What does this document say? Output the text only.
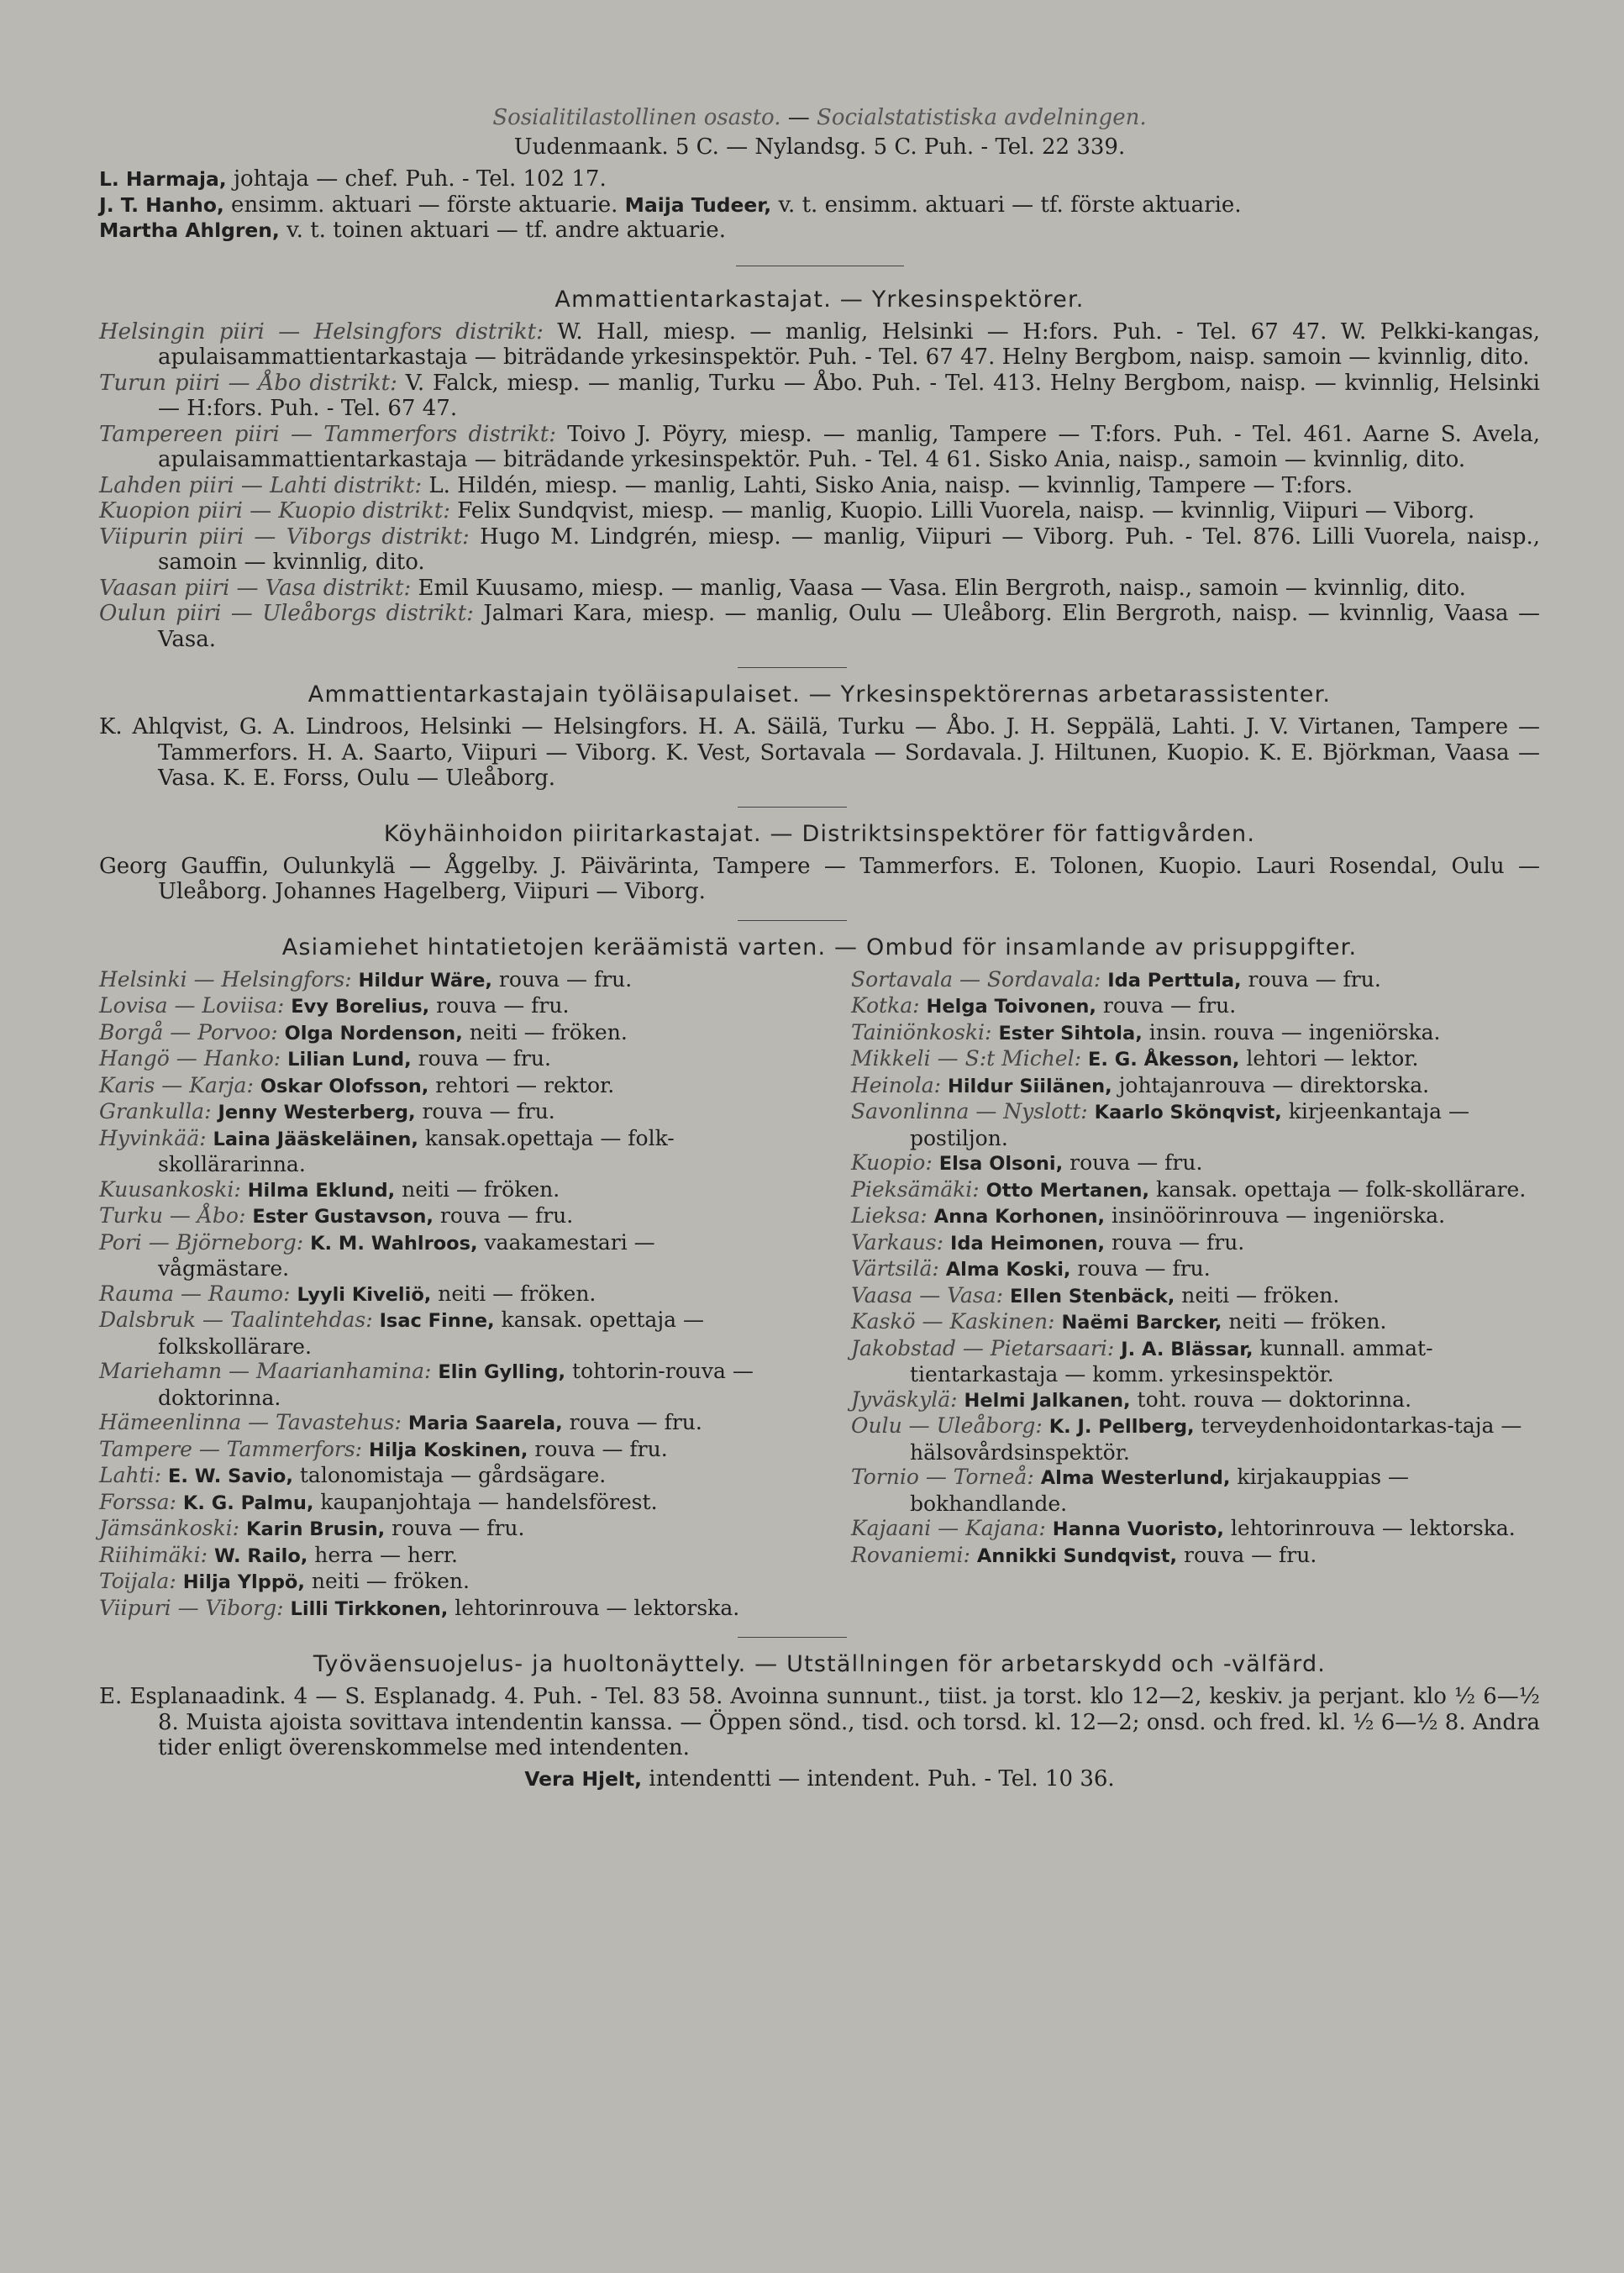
Sosialitilastollinen osasto. — Socialstatistiska avdelningen.
Uudenmaank. 5 C. — Nylandsg. 5 C. Puh. - Tel. 22 339.
L. Harmaja, johtaja — chef. Puh. - Tel. 102 17.
J. T. Hanho, ensimm. aktuari — förste aktuarie. Maija Tudeer, v. t. ensimm. aktuari — tf. förste aktuarie.
Martha Ahlgren, v. t. toinen aktuari — tf. andre aktuarie.
Ammattientarkastajat. — Yrkesinspektörer.
Helsingin piiri — Helsingfors distrikt: W. Hall, miesp. — manlig, Helsinki — H:fors. Puh. - Tel. 67 47. W. Pelkki-kangas, apulaisammattientarkastaja — biträdande yrkesinspektör. Puh. - Tel. 67 47. Helny Bergbom, naisp. samoin — kvinnlig, dito.
Turun piiri — Åbo distrikt: V. Falck, miesp. — manlig, Turku — Åbo. Puh. - Tel. 413. Helny Bergbom, naisp. — kvinnlig, Helsinki — H:fors. Puh. - Tel. 67 47.
Tampereen piiri — Tammerfors distrikt: Toivo J. Pöyry, miesp. — manlig, Tampere — T:fors. Puh. - Tel. 461. Aarne S. Avela, apulaisammattientarkastaja — biträdande yrkesinspektör. Puh. - Tel. 4 61. Sisko Ania, naisp., samoin — kvinnlig, dito.
Lahden piiri — Lahti distrikt: L. Hildén, miesp. — manlig, Lahti, Sisko Ania, naisp. — kvinnlig, Tampere — T:fors.
Kuopion piiri — Kuopio distrikt: Felix Sundqvist, miesp. — manlig, Kuopio. Lilli Vuorela, naisp. — kvinnlig, Viipuri — Viborg.
Viipurin piiri — Viborgs distrikt: Hugo M. Lindgrén, miesp. — manlig, Viipuri — Viborg. Puh. - Tel. 876. Lilli Vuorela, naisp., samoin — kvinnlig, dito.
Vaasan piiri — Vasa distrikt: Emil Kuusamo, miesp. — manlig, Vaasa — Vasa. Elin Bergroth, naisp., samoin — kvinnlig, dito.
Oulun piiri — Uleåborgs distrikt: Jalmari Kara, miesp. — manlig, Oulu — Uleåborg. Elin Bergroth, naisp. — kvinnlig, Vaasa — Vasa.
Ammattientarkastajain työläisapulaiset. — Yrkesinspektörernas arbetarassistenter.
K. Ahlqvist, G. A. Lindroos, Helsinki — Helsingfors. H. A. Säilä, Turku — Åbo. J. H. Seppälä, Lahti. J. V. Virtanen, Tampere — Tammerfors. H. A. Saarto, Viipuri — Viborg. K. Vest, Sortavala — Sordavala. J. Hiltunen, Kuopio. K. E. Björkman, Vaasa — Vasa. K. E. Forss, Oulu — Uleåborg.
Köyhäinhoidon piiritarkastajat. — Distriktsinspektörer för fattigvården.
Georg Gauffin, Oulunkylä — Åggelby. J. Päivärinta, Tampere — Tammerfors. E. Tolonen, Kuopio. Lauri Rosendal, Oulu — Uleåborg. Johannes Hagelberg, Viipuri — Viborg.
Asiamiehet hintatietojen keräämistä varten. — Ombud för insamlande av prisuppgifter.
Helsinki — Helsingfors: Hildur Wäre, rouva — fru.
Lovisa — Loviisa: Evy Borelius, rouva — fru.
Borgå — Porvoo: Olga Nordenson, neiti — fröken.
Hangö — Hanko: Lilian Lund, rouva — fru.
Karis — Karja: Oskar Olofsson, rehtori — rektor.
Grankulla: Jenny Westerberg, rouva — fru.
Hyvinkää: Laina Jääskeläinen, kansak.opettaja — folk-skollärarinna.
Kuusankoski: Hilma Eklund, neiti — fröken.
Turku — Åbo: Ester Gustavson, rouva — fru.
Pori — Björneborg: K. M. Wahlroos, vaakamestari — vågmästare.
Rauma — Raumo: Lyyli Kiveliö, neiti — fröken.
Dalsbruk — Taalintehdas: Isac Finne, kansak. opettaja — folkskollärare.
Mariehamn — Maarianhamina: Elin Gylling, tohtorin-rouva — doktorinna.
Hämeenlinna — Tavastehus: Maria Saarela, rouva — fru.
Tampere — Tammerfors: Hilja Koskinen, rouva — fru.
Lahti: E. W. Savio, talonomistaja — gårdsägare.
Forssa: K. G. Palmu, kaupanjohtaja — handelsförest.
Jämsänkoski: Karin Brusin, rouva — fru.
Riihimäki: W. Railo, herra — herr.
Toijala: Hilja Ylppö, neiti — fröken.
Viipuri — Viborg: Lilli Tirkkonen, lehtorinrouva — lektorska.
Sortavala — Sordavala: Ida Perttula, rouva — fru.
Kotka: Helga Toivonen, rouva — fru.
Tainiönkoski: Ester Sihtola, insin. rouva — ingeniörska.
Mikkeli — S:t Michel: E. G. Åkesson, lehtori — lektor.
Heinola: Hildur Siilänen, johtajanrouva — direktorska.
Savonlinna — Nyslott: Kaarlo Skönqvist, kirjeenkantaja — postiljon.
Kuopio: Elsa Olsoni, rouva — fru.
Pieksämäki: Otto Mertanen, kansak. opettaja — folk-skollärare.
Lieksa: Anna Korhonen, insinöörinrouva — ingeniörska.
Varkaus: Ida Heimonen, rouva — fru.
Värtsilä: Alma Koski, rouva — fru.
Vaasa — Vasa: Ellen Stenbäck, neiti — fröken.
Kaskö — Kaskinen: Naëmi Barcker, neiti — fröken.
Jakobstad — Pietarsaari: J. A. Blässar, kunnall. ammat-tientarkastaja — komm. yrkesinspektör.
Jyväskylä: Helmi Jalkanen, toht. rouva — doktorinna.
Oulu — Uleåborg: K. J. Pellberg, terveydenhoidontarkas-taja — hälsovårdsinspektör.
Tornio — Torneå: Alma Westerlund, kirjakauppias — bokhandlande.
Kajaani — Kajana: Hanna Vuoristo, lehtorinrouva — lektorska.
Rovaniemi: Annikki Sundqvist, rouva — fru.
Työväensuojelus- ja huoltonäyttely. — Utställningen för arbetarskydd och -välfärd.
E. Esplanaadink. 4 — S. Esplanadg. 4. Puh. - Tel. 83 58. Avoinna sunnunt., tiist. ja torst. klo 12—2, keskiv. ja perjant. klo ½ 6—½ 8. Muista ajoista sovittava intendentin kanssa. — Öppen sönd., tisd. och torsd. kl. 12—2; onsd. och fred. kl. ½ 6—½ 8. Andra tider enligt överenskommelse med intendenten.
Vera Hjelt, intendentti — intendent. Puh. - Tel. 10 36.
